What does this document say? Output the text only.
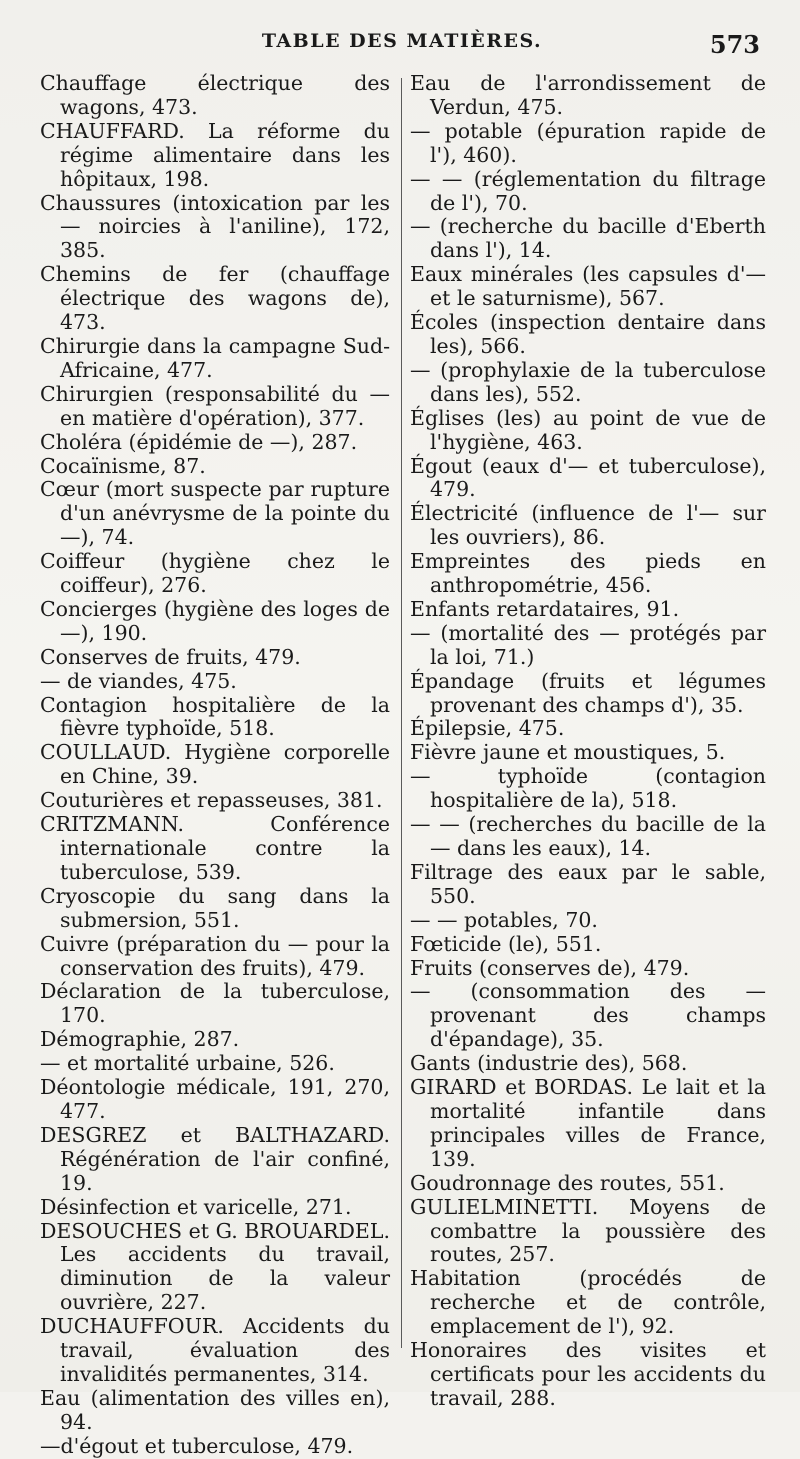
TABLE DES MATIÈRES.	573
Chauffage électrique des wagons, 473.
CHAUFFARD. La réforme du régime alimentaire dans les hôpitaux, 198.
Chaussures (intoxication par les — noircies à l'aniline), 172, 385.
Chemins de fer (chauffage électrique des wagons de), 473.
Chirurgie dans la campagne Sud-Africaine, 477.
Chirurgien (responsabilité du — en matière d'opération), 377.
Choléra (épidémie de —), 287.
Cocaïnisme, 87.
Cœur (mort suspecte par rupture d'un anévrysme de la pointe du —), 74.
Coiffeur (hygiène chez le coiffeur), 276.
Concierges (hygiène des loges de —), 190.
Conserves de fruits, 479.
— de viandes, 475.
Contagion hospitalière de la fièvre typhoïde, 518.
COULLAUD. Hygiène corporelle en Chine, 39.
Couturières et repasseuses, 381.
CRITZMANN. Conférence internationale contre la tuberculose, 539.
Cryoscopie du sang dans la submersion, 551.
Cuivre (préparation du — pour la conservation des fruits), 479.
Déclaration de la tuberculose, 170.
Démographie, 287.
— et mortalité urbaine, 526.
Déontologie médicale, 191, 270, 477.
DESGREZ et BALTHAZARD. Régénération de l'air confiné, 19.
Désinfection et varicelle, 271.
DESOUCHES et G. BROUARDEL. Les accidents du travail, diminution de la valeur ouvrière, 227.
DUCHAUFFOUR. Accidents du travail, évaluation des invalidités permanentes, 314.
Eau (alimentation des villes en), 94.
—d'égout et tuberculose, 479.
Eau de l'arrondissement de Verdun, 475.
— potable (épuration rapide de l'), 460).
— — (réglementation du filtrage de l'), 70.
— (recherche du bacille d'Eberth dans l'), 14.
Eaux minérales (les capsules d'— et le saturnisme), 567.
Écoles (inspection dentaire dans les), 566.
— (prophylaxie de la tuberculose dans les), 552.
Églises (les) au point de vue de l'hygiène, 463.
Égout (eaux d'— et tuberculose), 479.
Électricité (influence de l'— sur les ouvriers), 86.
Empreintes des pieds en anthropométrie, 456.
Enfants retardataires, 91.
— (mortalité des — protégés par la loi, 71.)
Épandage (fruits et légumes provenant des champs d'), 35.
Épilepsie, 475.
Fièvre jaune et moustiques, 5.
— typhoïde (contagion hospitalière de la), 518.
— — (recherches du bacille de la — dans les eaux), 14.
Filtrage des eaux par le sable, 550.
— — potables, 70.
Fœticide (le), 551.
Fruits (conserves de), 479.
— (consommation des — provenant des champs d'épandage), 35.
Gants (industrie des), 568.
GIRARD et BORDAS. Le lait et la mortalité infantile dans principales villes de France, 139.
Goudronnage des routes, 551.
GULIELMINETTI. Moyens de combattre la poussière des routes, 257.
Habitation (procédés de recherche et de contrôle, emplacement de l'), 92.
Honoraires des visites et certificats pour les accidents du travail, 288.
